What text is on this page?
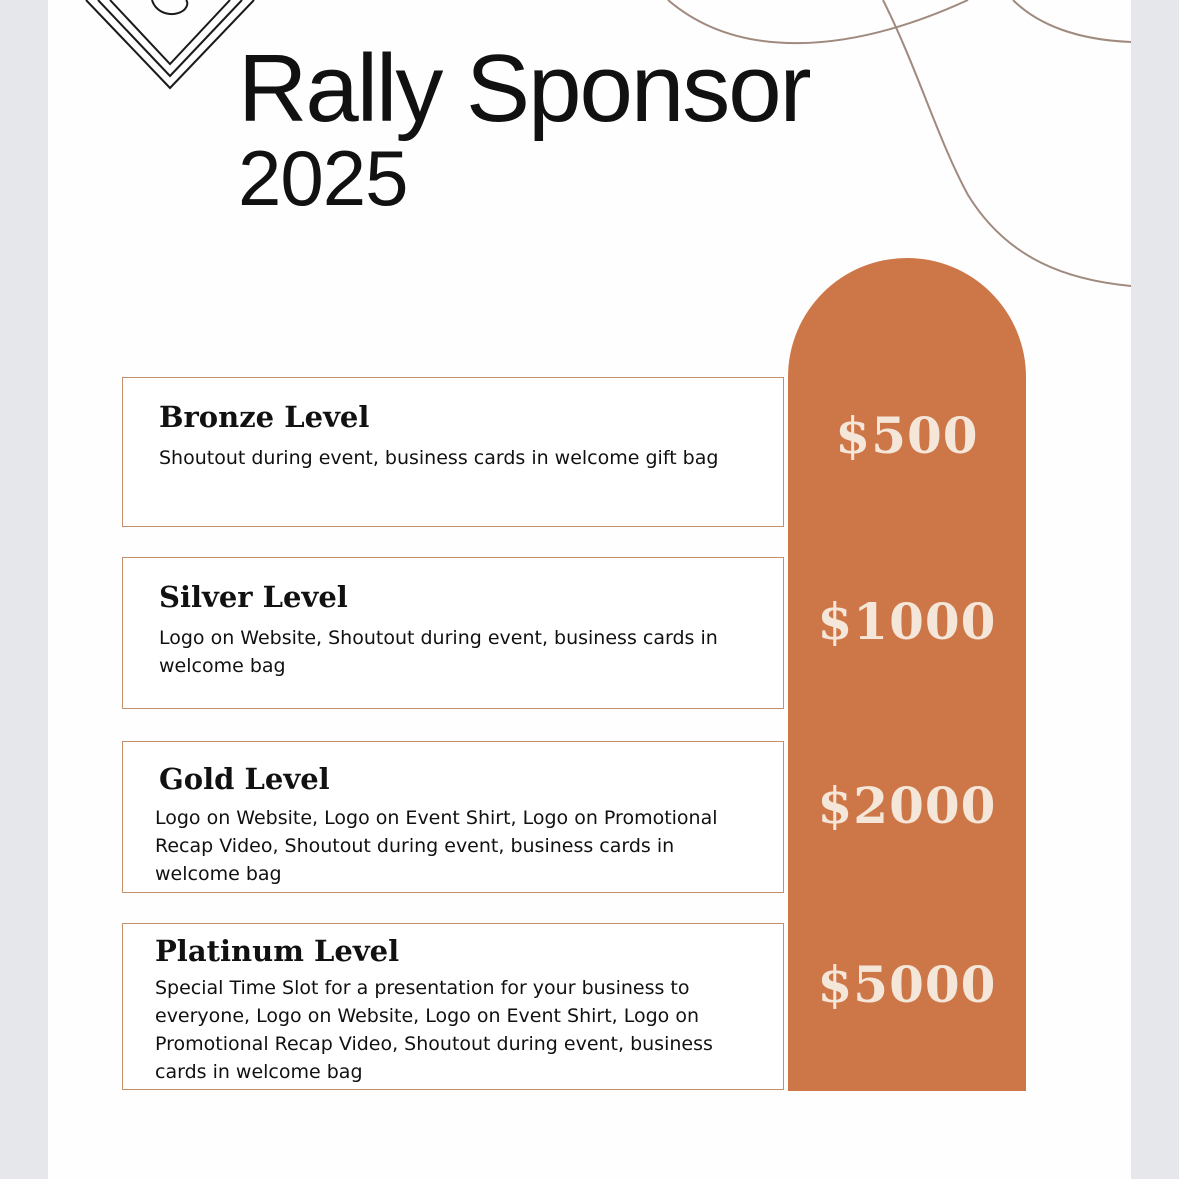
Rally Sponsor
2025
Bronze Level

Shoutout during event, business cards in welcome gift bag	$500
Silver Level

Logo on Website, Shoutout during event, business cards in welcome bag

$1000
Gold Level

Logo on Website, Logo on Event Shirt, Logo on Promotional Recap Video, Shoutout during event, business cards in welcome bag

$2000
Platinum Level

Special Time Slot for a presentation for your business to everyone, Logo on Website, Logo on Event Shirt, Logo on Promotional Recap Video, Shoutout during event, business cards in welcome bag

$5000
